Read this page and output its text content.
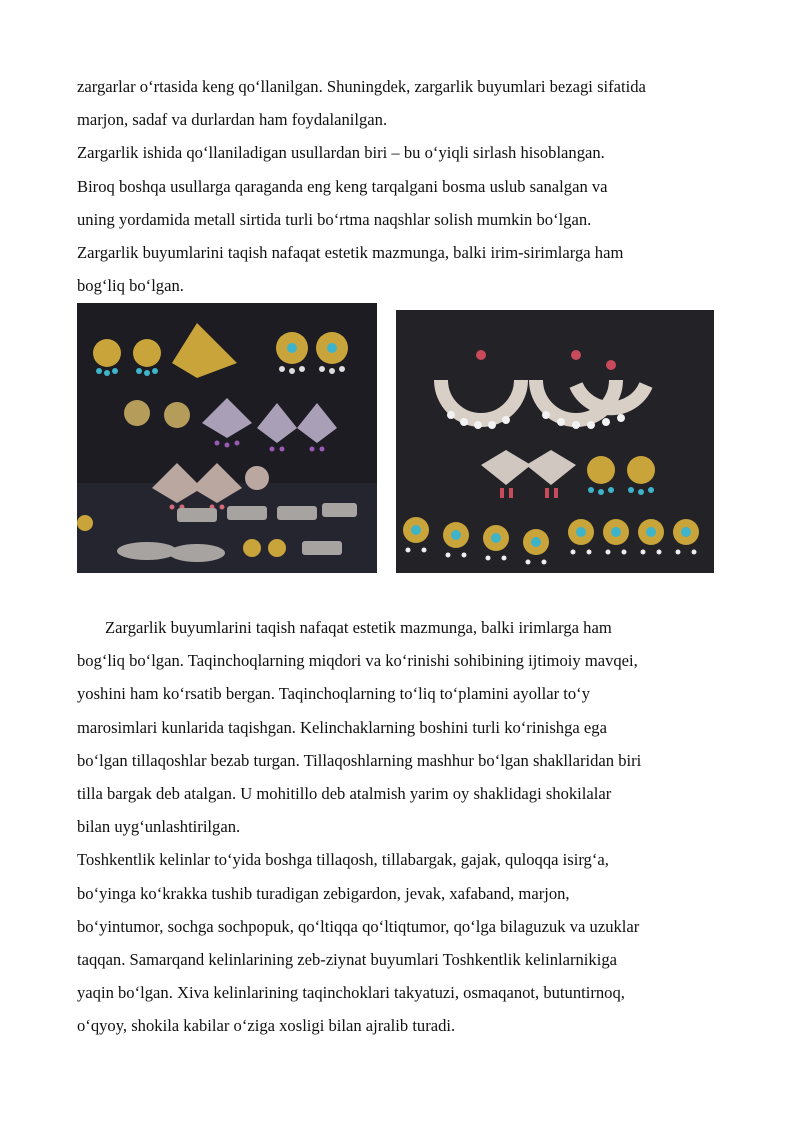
zargarlar o‘rtasida keng qo‘llanilgan. Shuningdek, zargarlik buyumlari bezagi sifatida

marjon, sadaf va durlardan ham foydalanilgan.

Zargarlik ishida qo‘llaniladigan usullardan biri – bu o‘yiqli sirlash hisoblangan.

Biroq boshqa usullarga qaraganda eng keng tarqalgani bosma uslub sanalgan va

uning yordamida metall sirtida turli bo‘rtma naqshlar solish mumkin bo‘lgan.

Zargarlik buyumlarini taqish nafaqat estetik mazmunga, balki irim-sirimlarga ham

bog‘liq bo‘lgan.

Zargarlik buyumlarini taqish nafaqat estetik mazmunga, balki irimlarga ham

bog‘liq bo‘lgan. Taqinchoqlarning miqdori va ko‘rinishi sohibining ijtimoiy mavqei,

yoshini ham ko‘rsatib bergan. Taqinchoqlarning to‘liq to‘plamini ayollar to‘y

marosimlari kunlarida taqishgan. Kelinchaklarning boshini turli ko‘rinishga ega

bo‘lgan tillaqoshlar bezab turgan. Tillaqoshlarning mashhur bo‘lgan shakllaridan biri

tilla bargak deb atalgan. U mohitillo deb atalmish yarim oy shaklidagi shokilalar

bilan uyg‘unlashtirilgan.

Toshkentlik kelinlar to‘yida boshga tillaqosh, tillabargak, gajak, quloqqa isirg‘a,

bo‘yinga ko‘krakka tushib turadigan zebigardon, jevak, xafaband, marjon,

bo‘yintumor, sochga sochpopuk, qo‘ltiqqa qo‘ltiqtumor, qo‘lga bilaguzuk va uzuklar

taqqan. Samarqand kelinlarining zeb-ziynat buyumlari Toshkentlik kelinlarnikiga

yaqin bo‘lgan. Xiva kelinlarining taqinchoklari takyatuzi, osmaqanot, butuntirnoq,

o‘qyoy, shokila kabilar o‘ziga xosligi bilan ajralib turadi.
